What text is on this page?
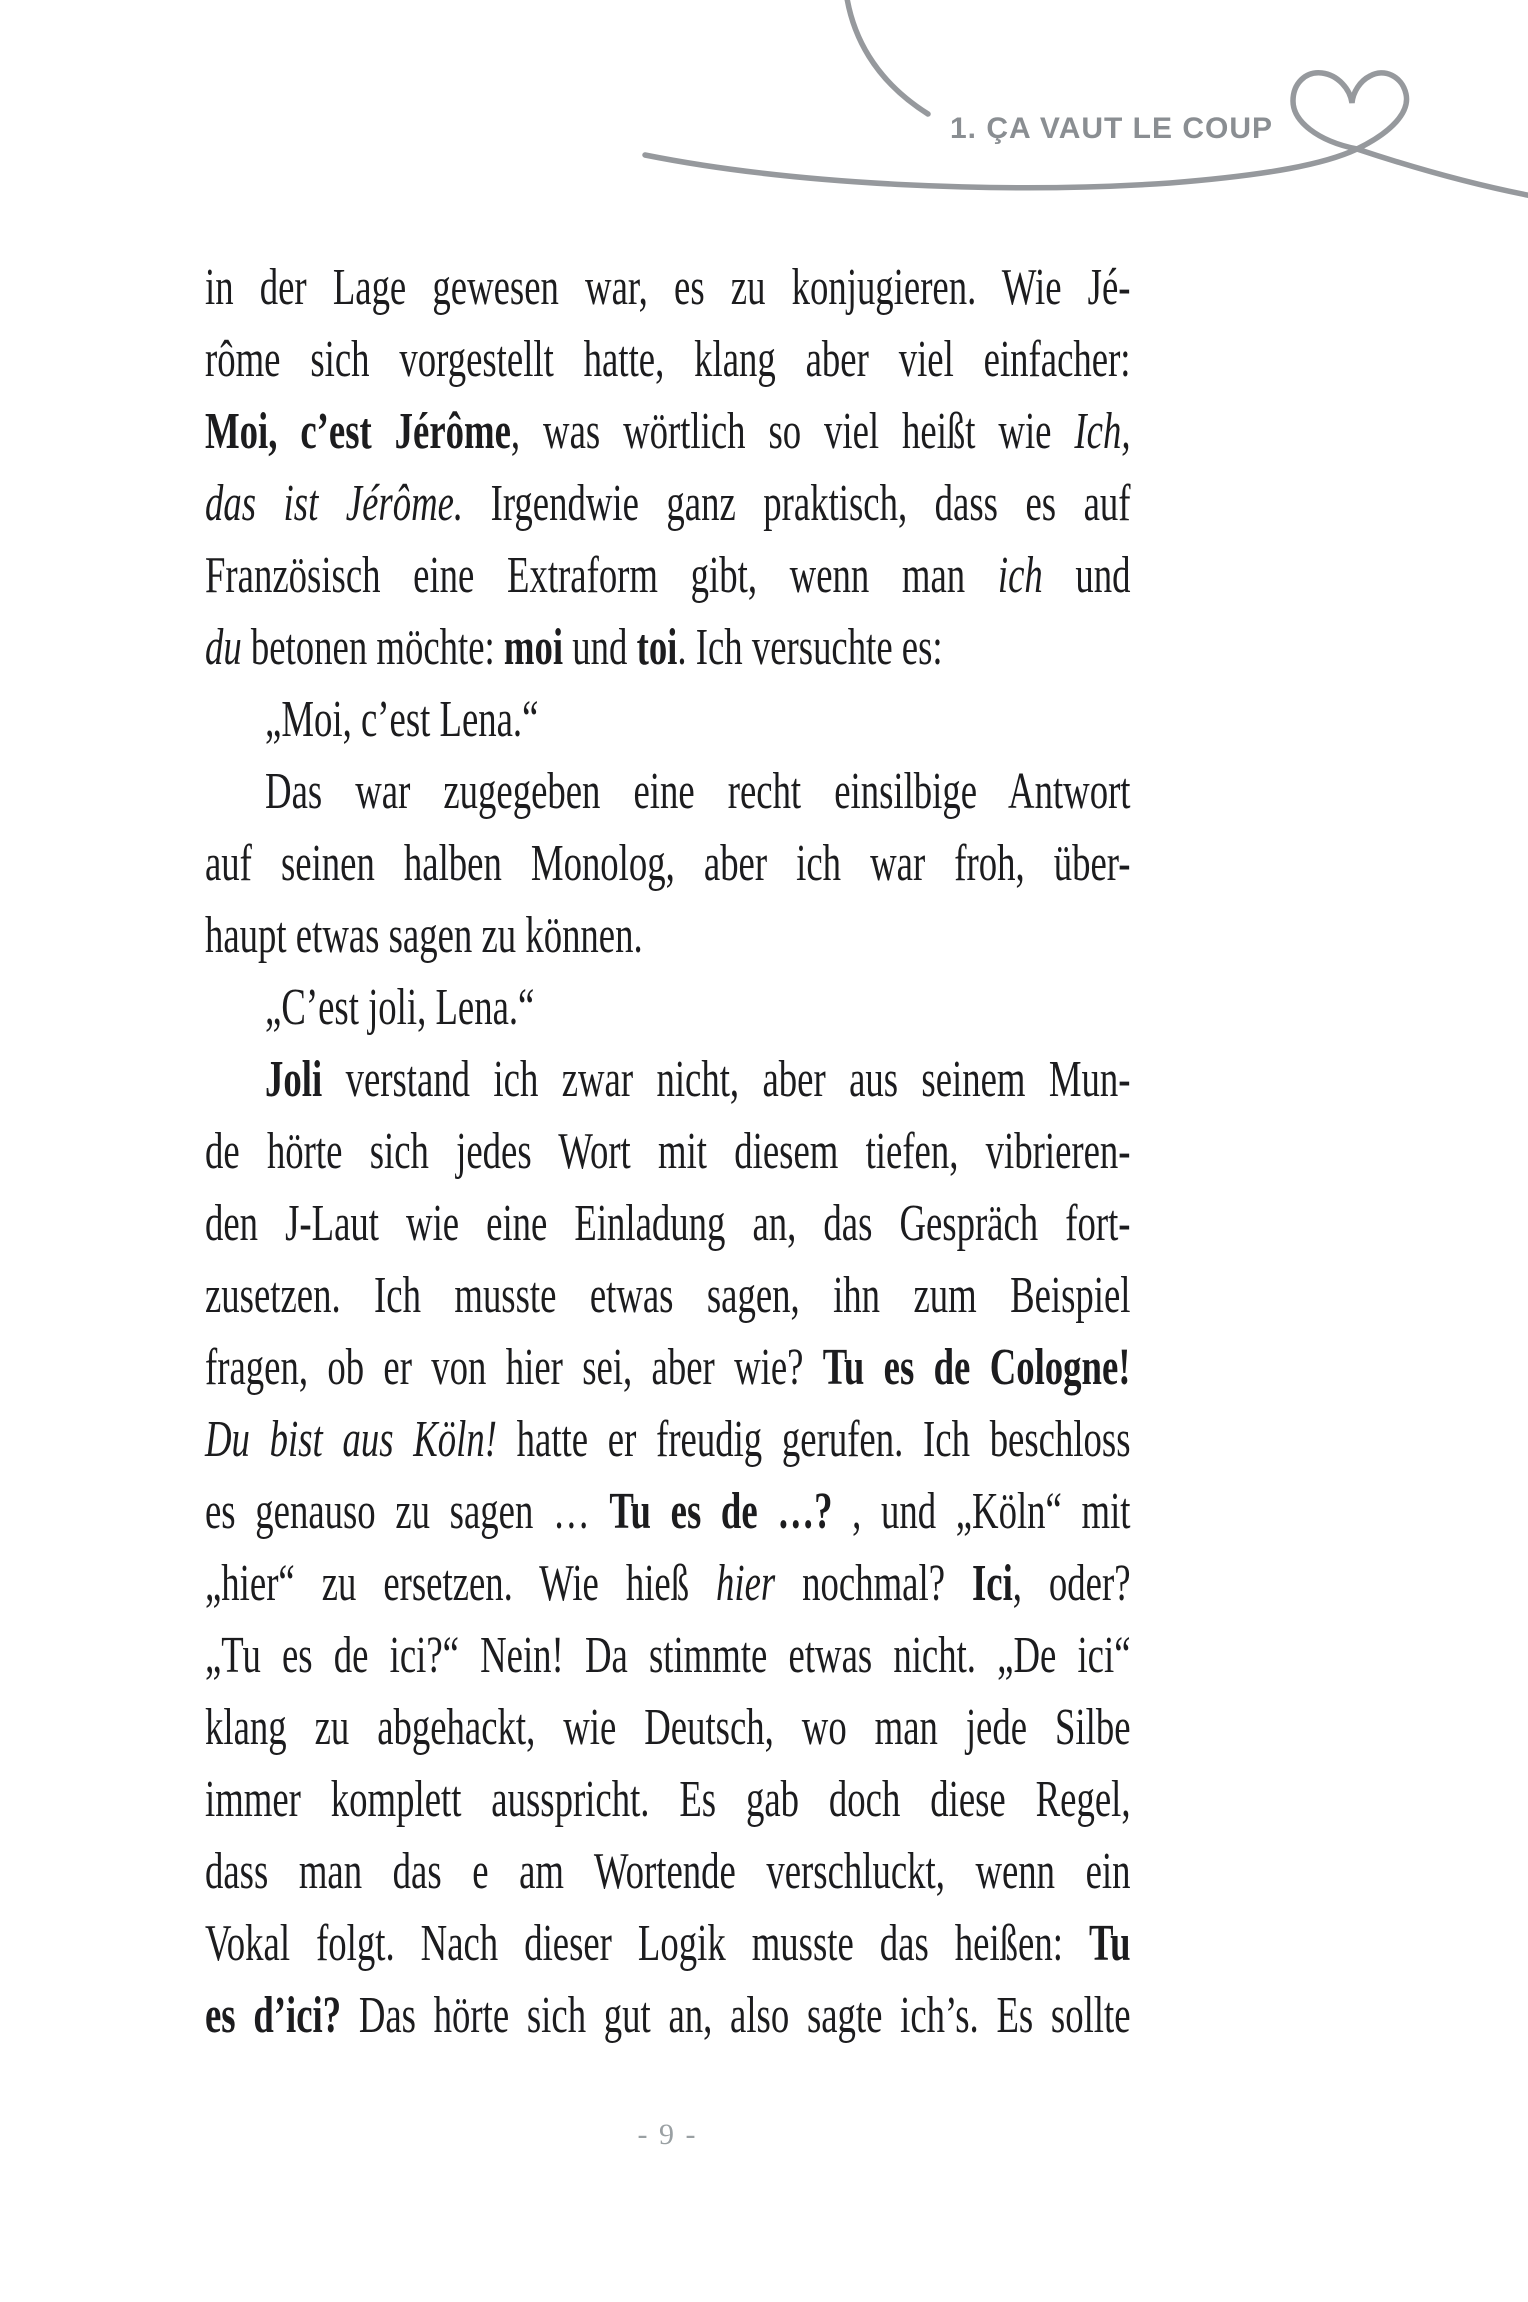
1. ÇA VAUT LE COUP
in der Lage gewesen war, es zu konjugieren. Wie Jé-
rôme sich vorgestellt hatte, klang aber viel einfacher:
Moi, c’est Jérôme, was wörtlich so viel heißt wie Ich,
das ist Jérôme. Irgendwie ganz praktisch, dass es auf
Französisch eine Extraform gibt, wenn man ich und
du betonen möchte: moi und toi. Ich versuchte es:
„Moi, c’est Lena.“
Das war zugegeben eine recht einsilbige Antwort
auf seinen halben Monolog, aber ich war froh, über-
haupt etwas sagen zu können.
„C’est joli, Lena.“
Joli verstand ich zwar nicht, aber aus seinem Mun-
de hörte sich jedes Wort mit diesem tiefen, vibrieren-
den J-Laut wie eine Einladung an, das Gespräch fort-
zusetzen. Ich musste etwas sagen, ihn zum Beispiel
fragen, ob er von hier sei, aber wie? Tu es de Cologne!
Du bist aus Köln! hatte er freudig gerufen. Ich beschloss
es genauso zu sagen … Tu es de …? , und „Köln“ mit
„hier“ zu ersetzen. Wie hieß hier nochmal? Ici, oder?
„Tu es de ici?“ Nein! Da stimmte etwas nicht. „De ici“
klang zu abgehackt, wie Deutsch, wo man jede Silbe
immer komplett ausspricht. Es gab doch diese Regel,
dass man das e am Wortende verschluckt, wenn ein
Vokal folgt. Nach dieser Logik musste das heißen: Tu
es d’ici? Das hörte sich gut an, also sagte ich’s. Es sollte
- 9 -
